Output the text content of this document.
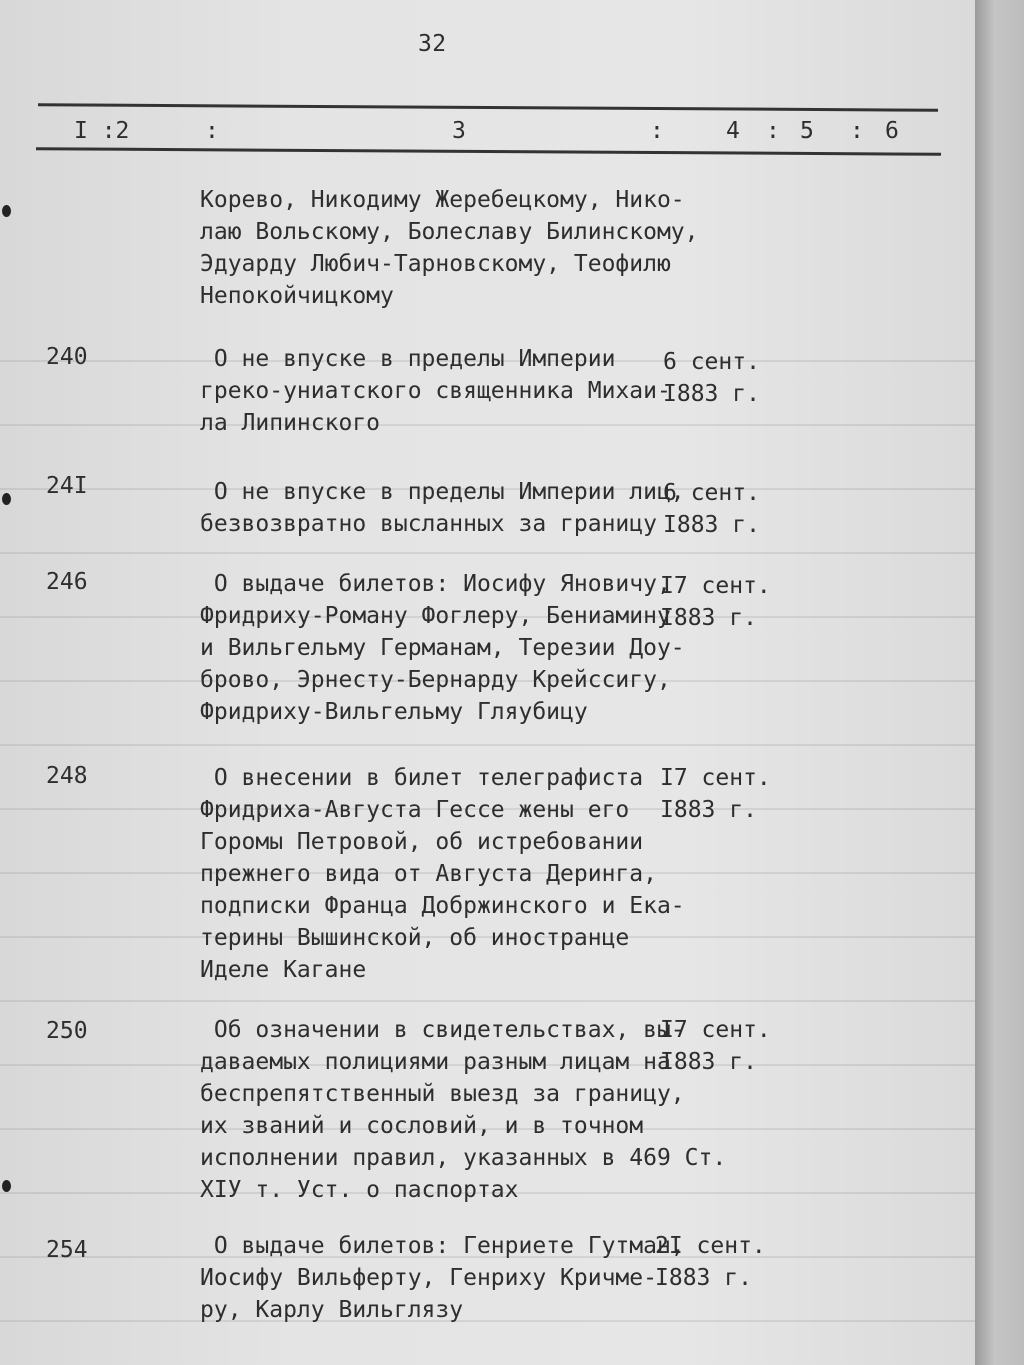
32
I :2	:	3	:	4 : 5 : 6
Корево, Никодиму Жеребецкому, Нико-
лаю Вольскому, Болеславу Билинскому,
Эдуарду Любич-Тарновскому, Теофилю
Непокойчицкому
240	О не впуске в пределы Империи
греко-униатского священника Михаи-
ла Липинского
6 сент.
I883 г.
24I	О не впуске в пределы Империи лиц,
безвозвратно высланных за границу
6 сент.
I883 г.
246	О выдаче билетов: Иосифу Яновичу,
Фридриху-Роману Фоглеру, Бениамину
и Вильгельму Германам, Терезии Доу-
брово, Эрнесту-Бернарду Крейссигу,
Фридриху-Вильгельму Гляубицу
I7 сент.
I883 г.
248	О внесении в билет телеграфиста
Фридриха-Августа Гессе жены его
Горомы Петровой, об истребовании
прежнего вида от Августа Деринга,
подписки Франца Добржинского и Ека-
терины Вышинской, об иностранце
Иделе Кагане
I7 сент.
I883 г.
250	Об означении в свидетельствах, вы-
даваемых полициями разным лицам на
беспрепятственный выезд за границу,
их званий и сословий, и в точном
исполнении правил, указанных в 469 Ст.
XIУ т. Уст. о паспортах
I7 сент.
I883 г.
254	О выдаче билетов: Генриете Гутман,
Иосифу Вильферту, Генриху Кричме-
ру, Карлу Вильглязу
2I сент.
I883 г.
